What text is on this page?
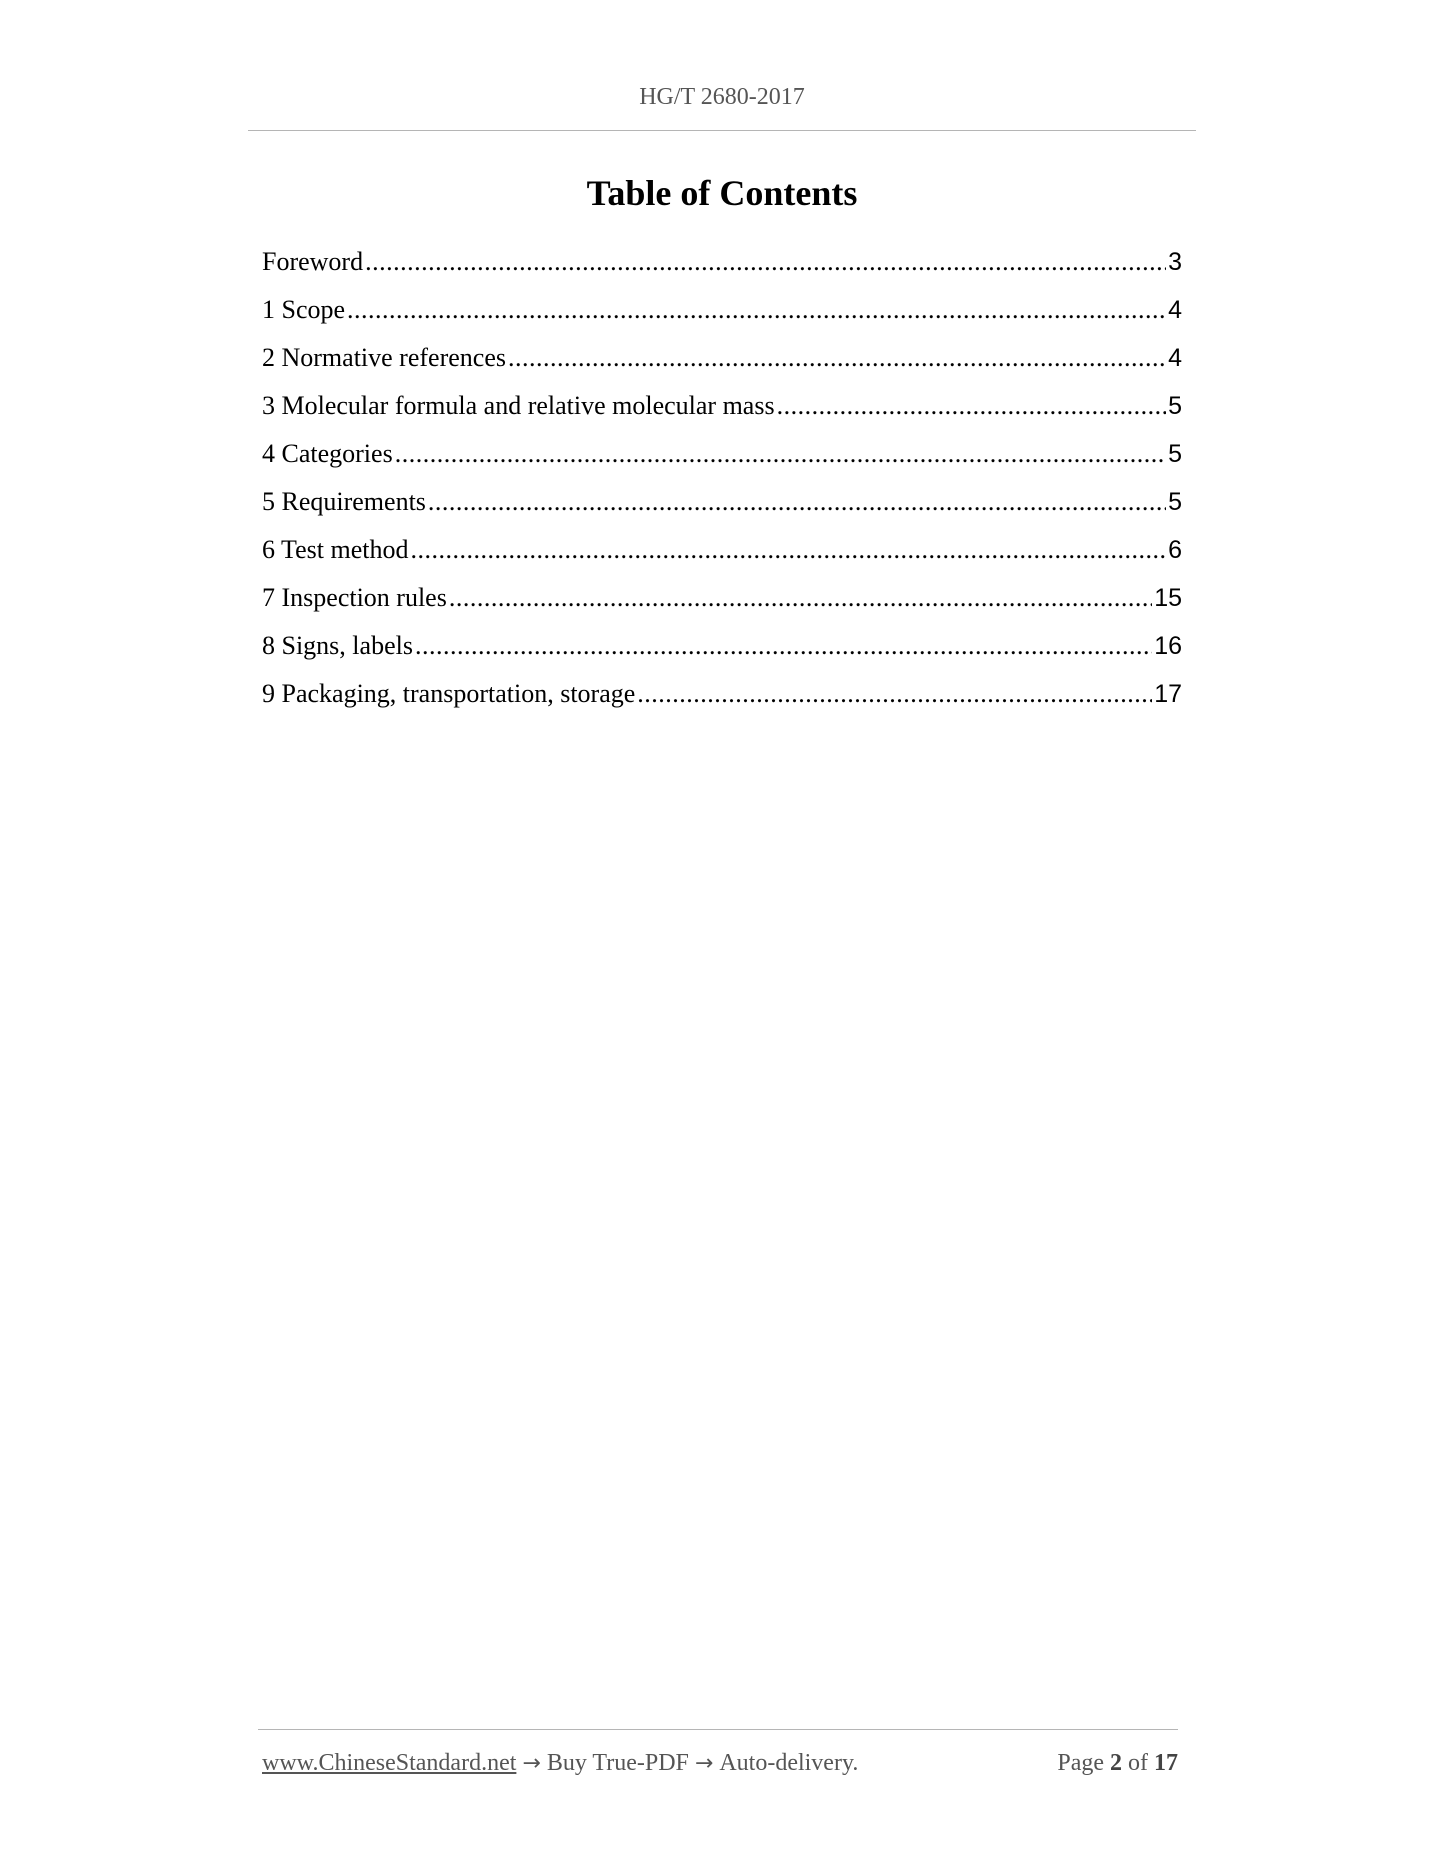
HG/T 2680-2017
Table of Contents
Foreword .....	3
1 Scope .....	4
2 Normative references .....	4
3 Molecular formula and relative molecular mass .....	5
4 Categories .....	5
5 Requirements .....	5
6 Test method .....	6
7 Inspection rules .....	15
8 Signs, labels .....	16
9 Packaging, transportation, storage .....	17
www.ChineseStandard.net → Buy True-PDF → Auto-delivery.	Page 2 of 17
